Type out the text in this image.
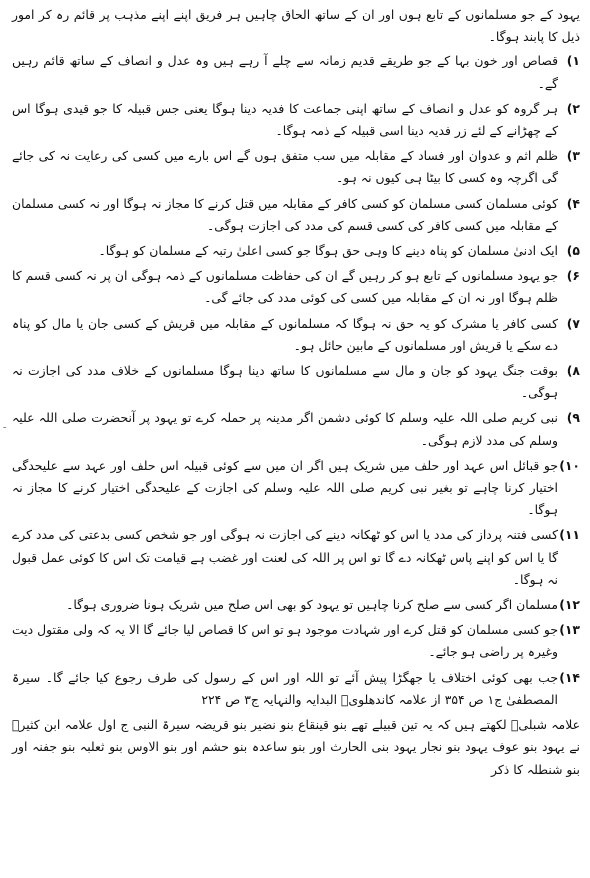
یہود کے جو مسلمانوں کے تابع ہوں اور ان کے ساتھ الحاق چاہیں ہر فریق اپنے اپنے مذہب پر قائم رہ کر امور ذیل کا پابند ہوگا۔

۱)
قصاص اور خون بہا کے جو طریقے قدیم زمانہ سے چلے آ رہے ہیں وہ عدل و انصاف کے ساتھ قائم رہیں گے۔
۲)
ہر گروہ کو عدل و انصاف کے ساتھ اپنی جماعت کا فدیہ دینا ہوگا یعنی جس قبیلہ کا جو قیدی ہوگا اس کے چھڑانے کے لئے زر فدیہ دینا اسی قبیلہ کے ذمہ ہوگا۔
۳)
ظلم اثم و عدوان اور فساد کے مقابلہ میں سب متفق ہوں گے اس بارے میں کسی کی رعایت نہ کی جائے گی اگرچہ وہ کسی کا بیٹا ہی کیوں نہ ہو۔
۴)
کوئی مسلمان کسی مسلمان کو کسی کافر کے مقابلہ میں قتل کرنے کا مجاز نہ ہوگا اور نہ کسی مسلمان کے مقابلہ میں کسی کافر کی کسی قسم کی مدد کی اجازت ہوگی۔
۵)
ایک ادنیٰ مسلمان کو پناہ دینے کا وہی حق ہوگا جو کسی اعلیٰ رتبہ کے مسلمان کو ہوگا۔
۶)
جو یہود مسلمانوں کے تابع ہو کر رہیں گے ان کی حفاظت مسلمانوں کے ذمہ ہوگی ان پر نہ کسی قسم کا ظلم ہوگا اور نہ ان کے مقابلہ میں کسی کی کوئی مدد کی جائے گی۔
۷)
کسی کافر یا مشرک کو یہ حق نہ ہوگا کہ مسلمانوں کے مقابلہ میں قریش کے کسی جان یا مال کو پناہ دے سکے یا قریش اور مسلمانوں کے مابین حائل ہو۔
۸)
بوقت جنگ یہود کو جان و مال سے مسلمانوں کا ساتھ دینا ہوگا مسلمانوں کے خلاف مدد کی اجازت نہ ہوگی۔
۹)
نبی کریم صلی اللہ علیہ وسلم کا کوئی دشمن اگر مدینہ پر حملہ کرے تو یہود پر آنحضرت صلی اللہ علیہ وسلم کی مدد لازم ہوگی۔
۱۰)
جو قبائل اس عہد اور حلف میں شریک ہیں اگر ان میں سے کوئی قبیلہ اس حلف اور عہد سے علیحدگی اختیار کرنا چاہے تو بغیر نبی کریم صلی اللہ علیہ وسلم کی اجازت کے علیحدگی اختیار کرنے کا مجاز نہ ہوگا۔
۱۱)
کسی فتنہ پرداز کی مدد یا اس کو ٹھکانہ دینے کی اجازت نہ ہوگی اور جو شخص کسی بدعتی کی مدد کرے گا یا اس کو اپنے پاس ٹھکانہ دے گا تو اس پر اللہ کی لعنت اور غضب ہے قیامت تک اس کا کوئی عمل قبول نہ ہوگا۔
۱۲)
مسلمان اگر کسی سے صلح کرنا چاہیں تو یہود کو بھی اس صلح میں شریک ہونا ضروری ہوگا۔
۱۳)
جو کسی مسلمان کو قتل کرے اور شہادت موجود ہو تو اس کا قصاص لیا جائے گا الا یہ کہ ولی مقتول دیت وغیرہ پر راضی ہو جائے۔
۱۴)
جب بھی کوئی اختلاف یا جھگڑا پیش آئے تو اللہ اور اس کے رسول کی طرف رجوع کیا جائے گا۔ سیرۃ المصطفیٰ ج۱ ص ۳۵۴ از علامہ کاندھلویؒ البدایہ والنہایہ ج۳ ص ۲۲۴

علامہ شبلیؒ لکھتے ہیں کہ یہ تین قبیلے تھے بنو قینقاع بنو نضیر بنو قریضہ سیرۃ النبی ج اول علامہ ابن کثیرؒ نے یہود بنو عوف یہود بنو نجار یہود بنی الحارث اور بنو ساعدہ بنو حشم اور بنو الاوس بنو ثعلبہ بنو جفنہ اور بنو شنطلہ کا ذکر

-
